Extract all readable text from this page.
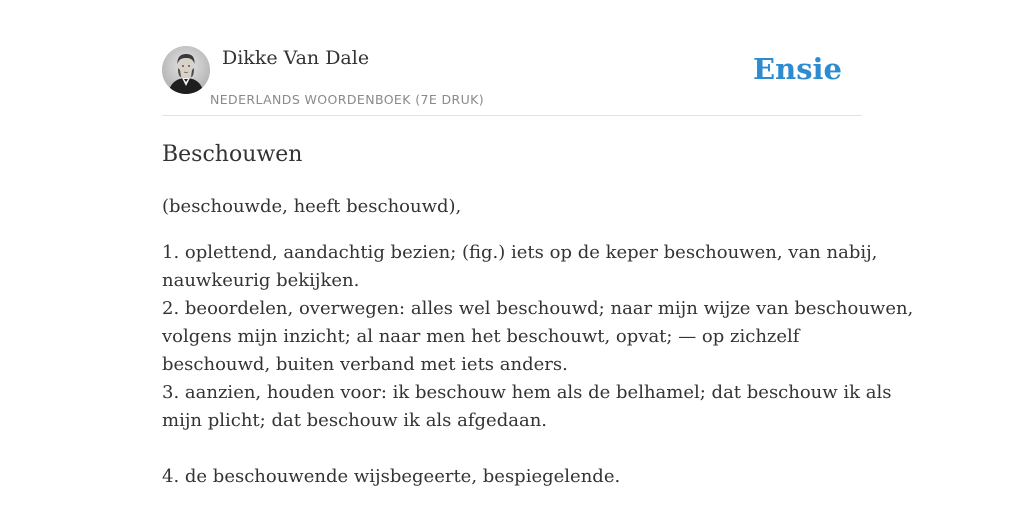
Dikke Van Dale
NEDERLANDS WOORDENBOEK (7E DRUK)
Ensie
Beschouwen

(beschouwde, heeft beschouwd),

1. oplettend, aandachtig bezien; (fig.) iets op de keper beschouwen, van nabij,
nauwkeurig bekijken.
2. beoordelen, overwegen: alles wel beschouwd; naar mijn wijze van beschouwen,
volgens mijn inzicht; al naar men het beschouwt, opvat; — op zichzelf
beschouwd, buiten verband met iets anders.
3. aanzien, houden voor: ik beschouw hem als de belhamel; dat beschouw ik als
mijn plicht; dat beschouw ik als afgedaan.
4. de beschouwende wijsbegeerte, bespiegelende.
